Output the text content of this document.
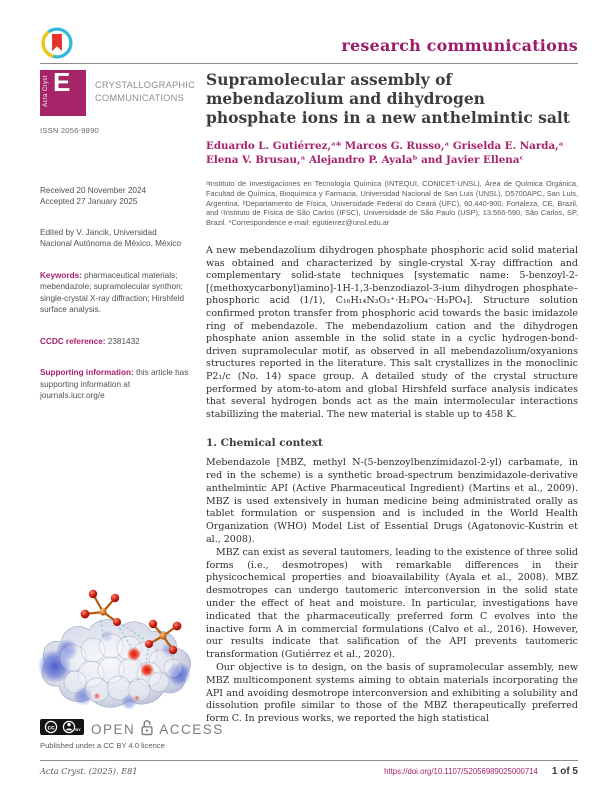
research communications
Acta Cryst E	CRYSTALLOGRAPHIC
COMMUNICATIONS
ISSN 2056-9890
Received 20 November 2024
Accepted 27 January 2025
Edited by V. Jancik, Universidad Nacional Autónoma de México, México
Keywords: pharmaceutical materials; mebendazole; supramolecular synthon; single-crystal X-ray diffraction; Hirshfeld surface analysis.
CCDC reference: 2381432
Supporting information: this article has supporting information at journals.iucr.org/e
cc	BY OPEN ACCESS
Published under a CC BY 4.0 licence
Supramolecular assembly of mebendazolium and dihydrogen phosphate ions in a new anthelmintic salt
Eduardo L. Gutiérrez,ᵃ* Marcos G. Russo,ᵃ Griselda E. Narda,ᵃ Elena V. Brusau,ᵃ Alejandro P. Ayalaᵇ and Javier Ellenaᶜ
ᵃInstituto de Investigaciones en Tecnología Química (INTEQUI, CONICET-UNSL), Área de Química Orgánica, Facultad de Química, Bioquímica y Farmacia, Universidad Nacional de San Luis (UNSL), D5700APC, San Luis, Argentina, ᵇDepartamento de Física, Universidade Federal do Ceará (UFC), 60.440-900, Fortaleza, CE, Brazil, and ᶜInstituto de Física de São Carlos (IFSC), Universidade de São Paulo (USP), 13.566-590, São Carlos, SP, Brazil. *Correspondence e-mail: egutierrez@unsl.edu.ar
A new mebendazolium dihydrogen phosphate phosphoric acid solid material was obtained and characterized by single-crystal X-ray diffraction and complementary solid-state techniques [systematic name: 5-benzoyl-2-[(methoxycarbonyl)amino]-1H-1,3-benzodiazol-3-ium dihydrogen phosphate–phosphoric acid (1/1), C₁₆H₁₄N₃O₃⁺·H₂PO₄⁻·H₃PO₄]. Structure solution confirmed proton transfer from phosphoric acid towards the basic imidazole ring of mebendazole. The mebendazolium cation and the dihydrogen phosphate anion assemble in the solid state in a cyclic hydrogen-bond-driven supramolecular motif, as observed in all mebendazolium/oxyanions structures reported in the literature. This salt crystallizes in the monoclinic P2₁/c (No. 14) space group. A detailed study of the crystal structure performed by atom-to-atom and global Hirshfeld surface analysis indicates that several hydrogen bonds act as the main intermolecular interactions stabillizing the material. The new material is stable up to 458 K.
1. Chemical context

Mebendazole [MBZ, methyl N-(5-benzoylbenzimidazol-2-yl) carbamate, in red in the scheme) is a synthetic broad-spectrum benzimidazole-derivative anthelmintic API (Active Pharmaceutical Ingredient) (Martins et al., 2009). MBZ is used extensively in human medicine being administrated orally as tablet formulation or suspension and is included in the World Health Organization (WHO) Model List of Essential Drugs (Agatonovic-Kustrin et al., 2008).

MBZ can exist as several tautomers, leading to the existence of three solid forms (i.e., desmotropes) with remarkable differences in their physicochemical properties and bioavailability (Ayala et al., 2008). MBZ desmotropes can undergo tautomeric interconversion in the solid state under the effect of heat and moisture. In particular, investigations have indicated that the pharmaceutically preferred form C evolves into the inactive form A in commercial formulations (Calvo et al., 2016). However, our results indicate that salification of the API prevents tautomeric transformation (Gutiérrez et al., 2020).

Our objective is to design, on the basis of supramolecular assembly, new MBZ multicomponent systems aiming to obtain materials incorporating the API and avoiding desmotrope interconversion and exhibiting a solubility and dissolution profile similar to those of the MBZ therapeutically preferred form C. In previous works, we reported the high statistical

Acta Cryst. (2025). E81	https://doi.org/10.1107/S2056989025000714 1 of 5
